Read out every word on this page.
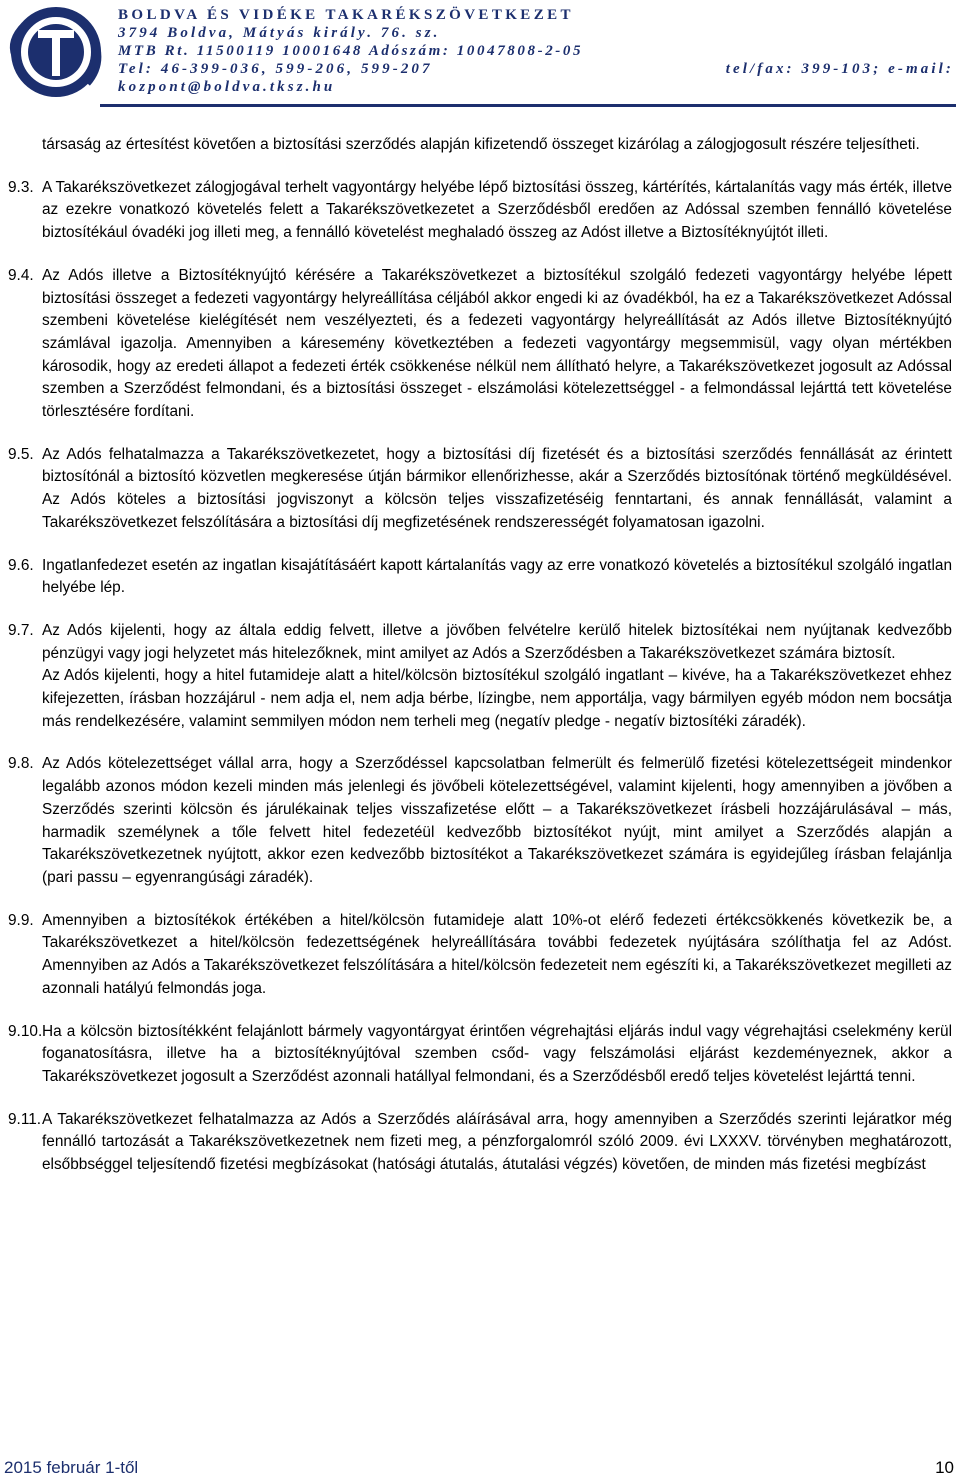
BOLDVA ÉS VIDÉKE TAKARÉKSZÖVETKEZET
3794 Boldva, Mátyás király. 76. sz.
MTB Rt. 11500119 10001648 Adószám: 10047808-2-05
Tel: 46-399-036, 599-206, 599-207	tel/fax: 399-103; e-mail:
kozpont@boldva.tksz.hu

társaság az értesítést követően a biztosítási szerződés alapján kifizetendő összeget kizárólag a zálogjogosult részére teljesítheti.

9.3. A Takarékszövetkezet zálogjogával terhelt vagyontárgy helyébe lépő biztosítási összeg, kártérítés, kártalanítás vagy más érték, illetve az ezekre vonatkozó követelés felett a Takarékszövetkezetet a Szerződésből eredően az Adóssal szemben fennálló követelése biztosítékául óvadéki jog illeti meg, a fennálló követelést meghaladó összeg az Adóst illetve a Biztosítéknyújtót illeti.

9.4. Az Adós illetve a Biztosítéknyújtó kérésére a Takarékszövetkezet a biztosítékul szolgáló fedezeti vagyontárgy helyébe lépett biztosítási összeget a fedezeti vagyontárgy helyreállítása céljából akkor engedi ki az óvadékból, ha ez a Takarékszövetkezet Adóssal szembeni követelése kielégítését nem veszélyezteti, és a fedezeti vagyontárgy helyreállítását az Adós illetve Biztosítéknyújtó számlával igazolja. Amennyiben a káresemény következtében a fedezeti vagyontárgy megsemmisül, vagy olyan mértékben károsodik, hogy az eredeti állapot a fedezeti érték csökkenése nélkül nem állítható helyre, a Takarékszövetkezet jogosult az Adóssal szemben a Szerződést felmondani, és a biztosítási összeget - elszámolási kötelezettséggel - a felmondással lejárttá tett követelése törlesztésére fordítani.

9.5. Az Adós felhatalmazza a Takarékszövetkezetet, hogy a biztosítási díj fizetését és a biztosítási szerződés fennállását az érintett biztosítónál a biztosító közvetlen megkeresése útján bármikor ellenőrizhesse, akár a Szerződés biztosítónak történő megküldésével. Az Adós köteles a biztosítási jogviszonyt a kölcsön teljes visszafizetéséig fenntartani, és annak fennállását, valamint a Takarékszövetkezet felszólítására a biztosítási díj megfizetésének rendszerességét folyamatosan igazolni.

9.6. Ingatlanfedezet esetén az ingatlan kisajátításáért kapott kártalanítás vagy az erre vonatkozó követelés a biztosítékul szolgáló ingatlan helyébe lép.

9.7. Az Adós kijelenti, hogy az általa eddig felvett, illetve a jövőben felvételre kerülő hitelek biztosítékai nem nyújtanak kedvezőbb pénzügyi vagy jogi helyzetet más hitelezőknek, mint amilyet az Adós a Szerződésben a Takarékszövetkezet számára biztosít.

Az Adós kijelenti, hogy a hitel futamideje alatt a hitel/kölcsön biztosítékul szolgáló ingatlant – kivéve, ha a Takarékszövetkezet ehhez kifejezetten, írásban hozzájárul - nem adja el, nem adja bérbe, lízingbe, nem apportálja, vagy bármilyen egyéb módon nem bocsátja más rendelkezésére, valamint semmilyen módon nem terheli meg (negatív pledge - negatív biztosítéki záradék).

9.8. Az Adós kötelezettséget vállal arra, hogy a Szerződéssel kapcsolatban felmerült és felmerülő fizetési kötelezettségeit mindenkor legalább azonos módon kezeli minden más jelenlegi és jövőbeli kötelezettségével, valamint kijelenti, hogy amennyiben a jövőben a Szerződés szerinti kölcsön és járulékainak teljes visszafizetése előtt – a Takarékszövetkezet írásbeli hozzájárulásával – más, harmadik személynek a tőle felvett hitel fedezetéül kedvezőbb biztosítékot nyújt, mint amilyet a Szerződés alapján a Takarékszövetkezetnek nyújtott, akkor ezen kedvezőbb biztosítékot a Takarékszövetkezet számára is egyidejűleg írásban felajánlja (pari passu – egyenrangúsági záradék).

9.9. Amennyiben a biztosítékok értékében a hitel/kölcsön futamideje alatt 10%-ot elérő fedezeti értékcsökkenés következik be, a Takarékszövetkezet a hitel/kölcsön fedezettségének helyreállítására további fedezetek nyújtására szólíthatja fel az Adóst. Amennyiben az Adós a Takarékszövetkezet felszólítására a hitel/kölcsön fedezeteit nem egészíti ki, a Takarékszövetkezet megilleti az azonnali hatályú felmondás joga.

9.10. Ha a kölcsön biztosítékként felajánlott bármely vagyontárgyat érintően végrehajtási eljárás indul vagy végrehajtási cselekmény kerül foganatosításra, illetve ha a biztosítéknyújtóval szemben csőd- vagy felszámolási eljárást kezdeményeznek, akkor a Takarékszövetkezet jogosult a Szerződést azonnali hatállyal felmondani, és a Szerződésből eredő teljes követelést lejárttá tenni.

9.11. A Takarékszövetkezet felhatalmazza az Adós a Szerződés aláírásával arra, hogy amennyiben a Szerződés szerinti lejáratkor még fennálló tartozását a Takarékszövetkezetnek nem fizeti meg, a pénzforgalomról szóló 2009. évi LXXXV. törvényben meghatározott, elsőbbséggel teljesítendő fizetési megbízásokat (hatósági átutalás, átutalási végzés) követően, de minden más fizetési megbízást

2015 február 1-től	10
